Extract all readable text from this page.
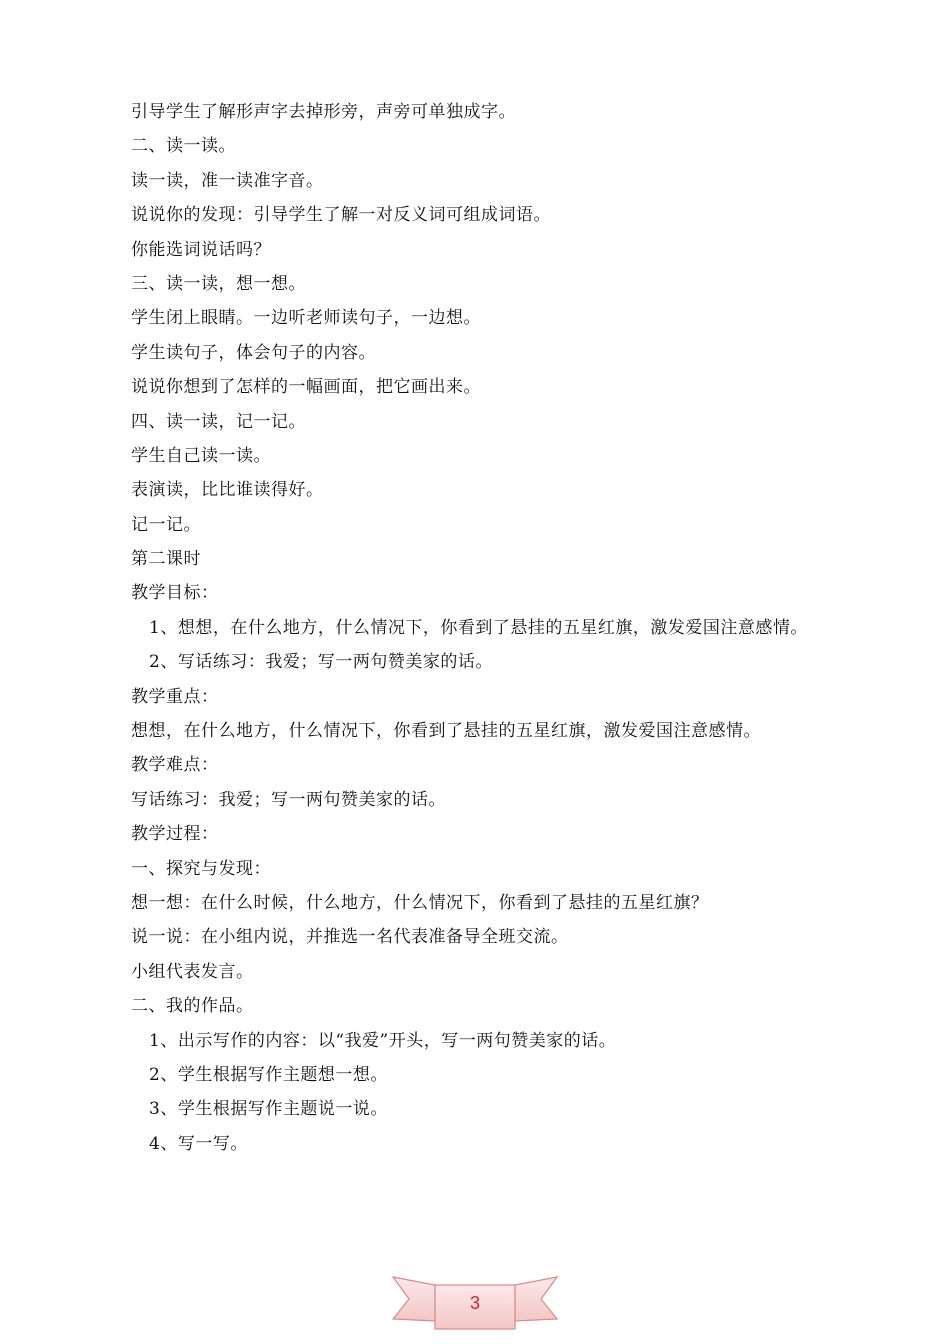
引导学生了解形声字去掉形旁，声旁可单独成字。
二、读一读。
读一读，准一读准字音。
说说你的发现：引导学生了解一对反义词可组成词语。
你能选词说话吗？
三、读一读，想一想。
学生闭上眼睛。一边听老师读句子，一边想。
学生读句子，体会句子的内容。
说说你想到了怎样的一幅画面，把它画出来。
四、读一读，记一记。
学生自己读一读。
表演读，比比谁读得好。
记一记。
第二课时
教学目标：
1、想想，在什么地方，什么情况下，你看到了悬挂的五星红旗，激发爱国注意感情。
2、写话练习：我爱；写一两句赞美家的话。
教学重点：
想想，在什么地方，什么情况下，你看到了悬挂的五星红旗，激发爱国注意感情。
教学难点：
写话练习：我爱；写一两句赞美家的话。
教学过程：
一、探究与发现：
想一想：在什么时候，什么地方，什么情况下，你看到了悬挂的五星红旗？
说一说：在小组内说，并推选一名代表准备导全班交流。
小组代表发言。
二、我的作品。
1、出示写作的内容：以“我爱”开头，写一两句赞美家的话。
2、学生根据写作主题想一想。
3、学生根据写作主题说一说。
4、写一写。
3
